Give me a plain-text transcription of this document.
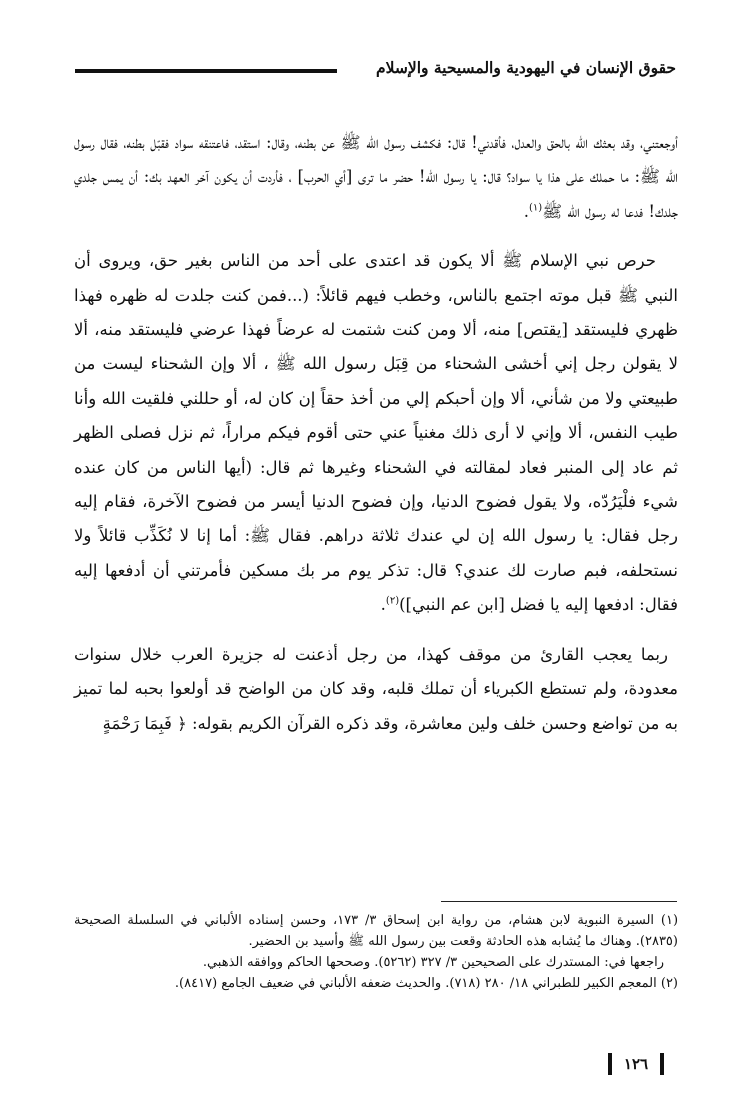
حقوق الإنسان في اليهودية والمسيحية والإسلام

أوجعتني، وقد بعثك الله بالحق والعدل، فأقدني! قال: فكشف رسول الله ﷺ عن بطنه، وقال: استقد، فاعتنقه سواد فقبّل بطنه، فقال رسول الله ﷺ: ما حملك على هذا يا سواد؟ قال: يا رسول الله! حضر ما ترى [أي الحرب] ، فأردت أن يكون آخر العهد بك: أن يمس جلدي جلدك! فدعا له رسول الله ﷺ$^{(١)}$.

حرص نبي الإسلام ﷺ ألا يكون قد اعتدى على أحد من الناس بغير حق، ويروى أن النبي ﷺ قبل موته اجتمع بالناس، وخطب فيهم قائلاً: (...فمن كنت جلدت له ظهره فهذا ظهري فليستقد [يقتص] منه، ألا ومن كنت شتمت له عرضاً فهذا عرضي فليستقد منه، ألا لا يقولن رجل إني أخشى الشحناء من قِبَل رسول الله ﷺ ، ألا وإن الشحناء ليست من طبيعتي ولا من شأني، ألا وإن أحبكم إلي من أخذ حقاً إن كان له، أو حللني فلقيت الله وأنا طيب النفس، ألا وإني لا أرى ذلك مغنياً عني حتى أقوم فيكم مراراً، ثم نزل فصلى الظهر ثم عاد إلى المنبر فعاد لمقالته في الشحناء وغيرها ثم قال: (أيها الناس من كان عنده شيء فلْيَرُدّه، ولا يقول فضوح الدنيا، وإن فضوح الدنيا أيسر من فضوح الآخرة، فقام إليه رجل فقال: يا رسول الله إن لي عندك ثلاثة دراهم. فقال ﷺ: أما إنا لا نُكَذِّب قائلاً ولا نستحلفه، فبم صارت لك عندي؟ قال: تذكر يوم مر بك مسكين فأمرتني أن أدفعها إليه فقال: ادفعها إليه يا فضل [ابن عم النبي])$^{(٢)}$.

ربما يعجب القارئ من موقف كهذا، من رجل أذعنت له جزيرة العرب خلال سنوات معدودة، ولم تستطع الكبرياء أن تملك قلبه، وقد كان من الواضح قد أولعوا بحبه لما تميز به من تواضع وحسن خلف ولين معاشرة، وقد ذكره القرآن الكريم بقوله: ﴿ فَبِمَا رَحْمَةٍ

(١) السيرة النبوية لابن هشام، من رواية ابن إسحاق ٣/ ١٧٣، وحسن إسناده الألباني في السلسلة الصحيحة (٢٨٣٥). وهناك ما يُشابه هذه الحادثة وقعت بين رسول الله ﷺ وأسيد بن الحضير.

راجعها في: المستدرك على الصحيحين ٣/ ٣٢٧ (٥٢٦٢). وصححها الحاكم ووافقه الذهبي.

(٢) المعجم الكبير للطبراني ١٨/ ٢٨٠ (٧١٨). والحديث ضعفه الألباني في ضعيف الجامع (٨٤١٧).

١٢٦
